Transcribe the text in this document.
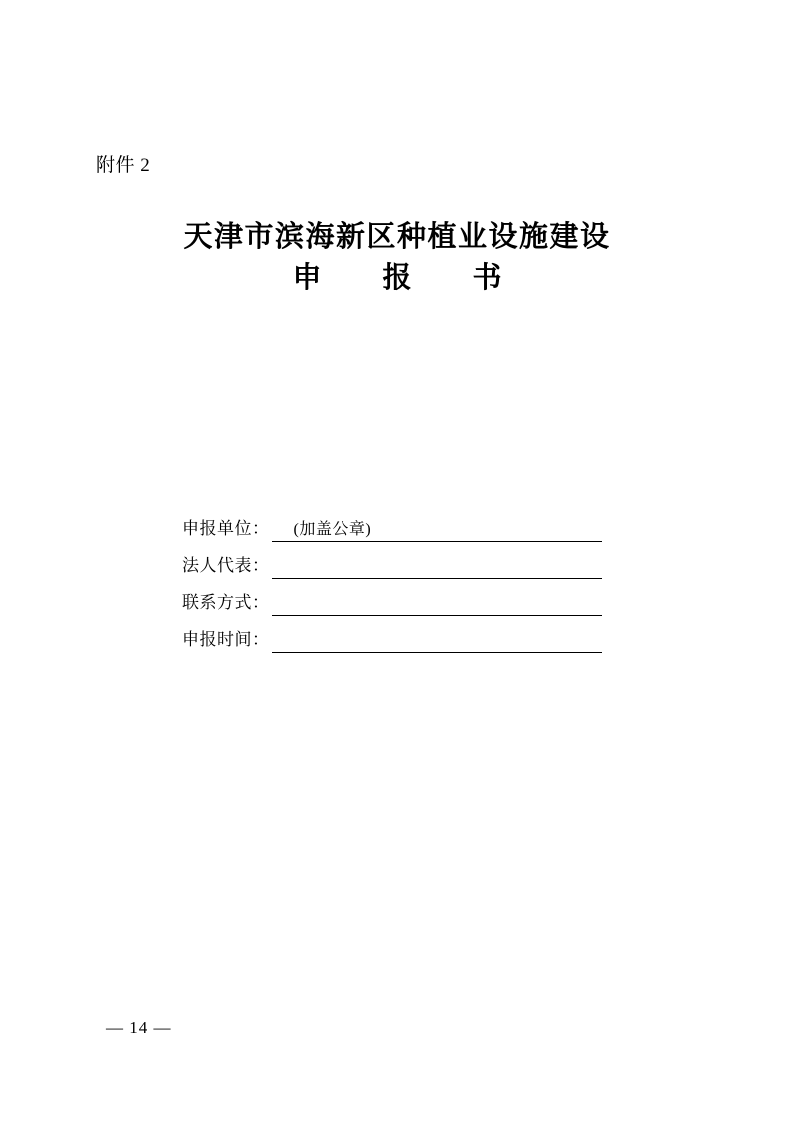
附件 2
天津市滨海新区种植业设施建设
申　报　书
申报单位： (加盖公章)
法人代表：
联系方式：
申报时间：
— 14 —
